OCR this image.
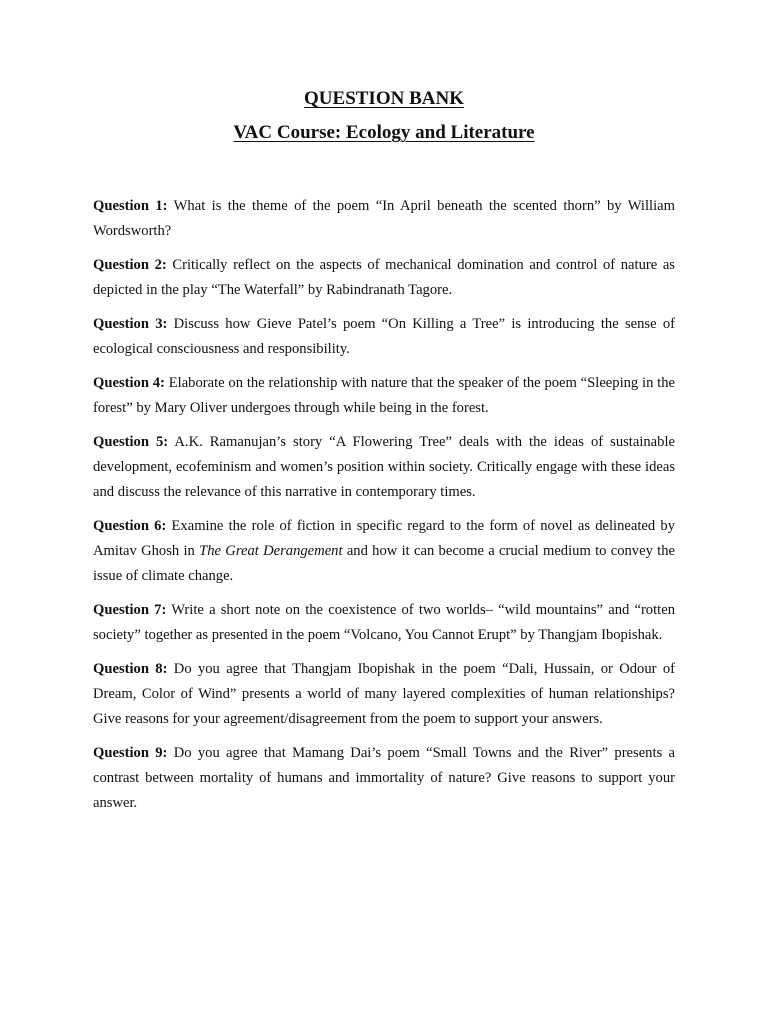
QUESTION BANK
VAC Course: Ecology and Literature

Question 1: What is the theme of the poem “In April beneath the scented thorn” by William Wordsworth?

Question 2: Critically reflect on the aspects of mechanical domination and control of nature as depicted in the play “The Waterfall” by Rabindranath Tagore.

Question 3: Discuss how Gieve Patel’s poem “On Killing a Tree” is introducing the sense of ecological consciousness and responsibility.

Question 4: Elaborate on the relationship with nature that the speaker of the poem “Sleeping in the forest” by Mary Oliver undergoes through while being in the forest.

Question 5: A.K. Ramanujan’s story “A Flowering Tree” deals with the ideas of sustainable development, ecofeminism and women’s position within society. Critically engage with these ideas and discuss the relevance of this narrative in contemporary times.

Question 6: Examine the role of fiction in specific regard to the form of novel as delineated by Amitav Ghosh in The Great Derangement and how it can become a crucial medium to convey the issue of climate change.

Question 7: Write a short note on the coexistence of two worlds– “wild mountains” and “rotten society” together as presented in the poem “Volcano, You Cannot Erupt” by Thangjam Ibopishak.

Question 8: Do you agree that Thangjam Ibopishak in the poem “Dali, Hussain, or Odour of Dream, Color of Wind” presents a world of many layered complexities of human relationships? Give reasons for your agreement/disagreement from the poem to support your answers.

Question 9: Do you agree that Mamang Dai’s poem “Small Towns and the River” presents a contrast between mortality of humans and immortality of nature? Give reasons to support your answer.
